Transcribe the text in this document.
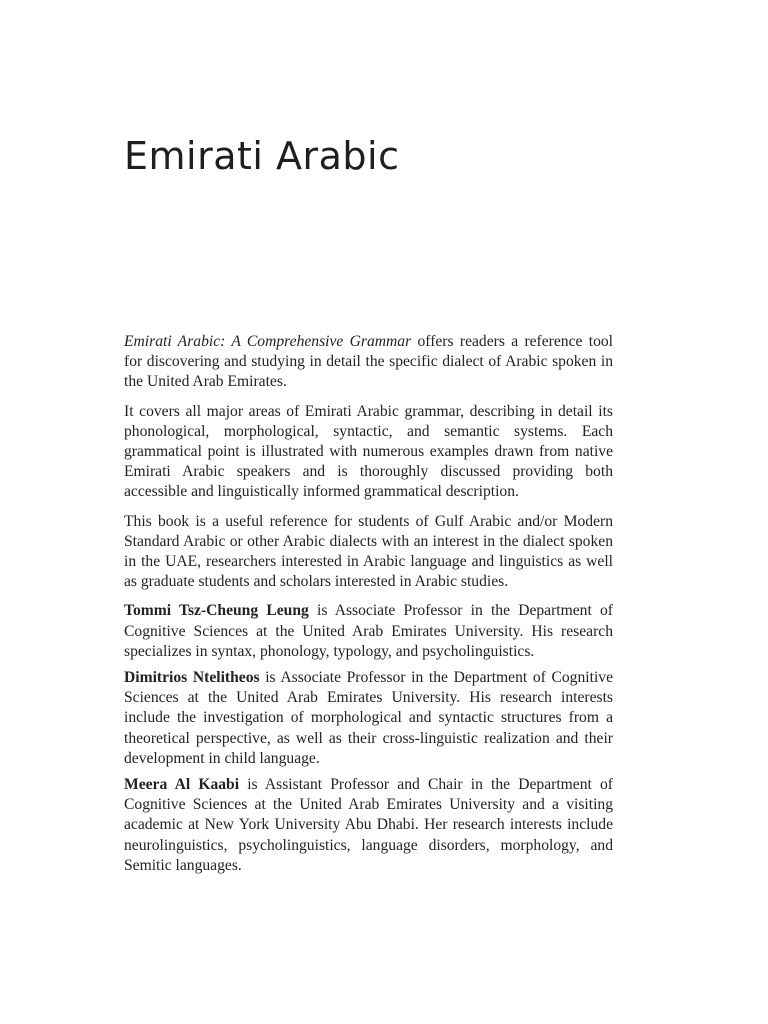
Emirati Arabic

Emirati Arabic: A Comprehensive Grammar offers readers a reference tool for discovering and studying in detail the specific dialect of Arabic spoken in the United Arab Emirates.

It covers all major areas of Emirati Arabic grammar, describing in detail its phonological, morphological, syntactic, and semantic systems. Each grammatical point is illustrated with numerous examples drawn from native Emirati Arabic speakers and is thoroughly discussed providing both accessible and linguistically informed grammatical description.

This book is a useful reference for students of Gulf Arabic and/or Modern Standard Arabic or other Arabic dialects with an interest in the dialect spoken in the UAE, researchers interested in Arabic language and linguistics as well as graduate students and scholars interested in Arabic studies.

Tommi Tsz-Cheung Leung is Associate Professor in the Department of Cognitive Sciences at the United Arab Emirates University. His research specializes in syntax, phonology, typology, and psycholinguistics.

Dimitrios Ntelitheos is Associate Professor in the Department of Cognitive Sciences at the United Arab Emirates University. His research interests include the investigation of morphological and syntactic structures from a theoretical perspective, as well as their cross-linguistic realization and their development in child language.

Meera Al Kaabi is Assistant Professor and Chair in the Department of Cognitive Sciences at the United Arab Emirates University and a visiting academic at New York University Abu Dhabi. Her research interests include neurolinguistics, psycholinguistics, language disorders, morphology, and Semitic languages.
